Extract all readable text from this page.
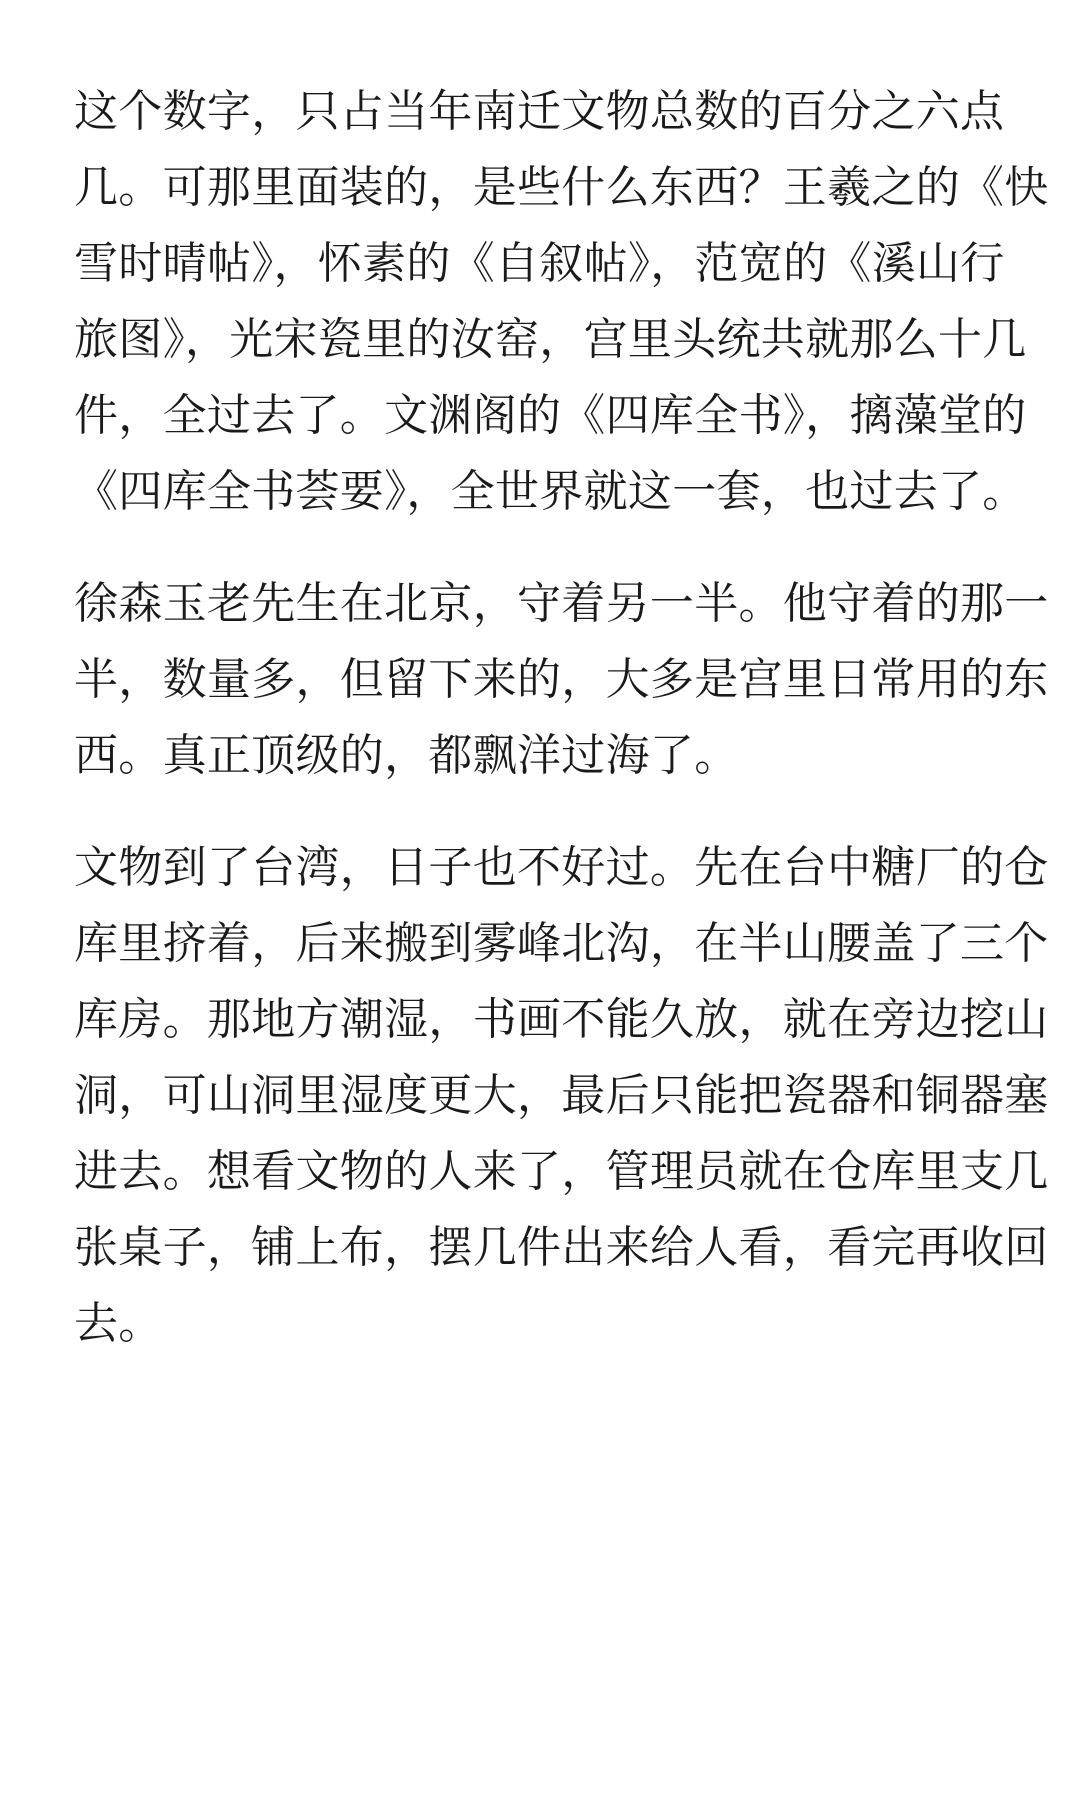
这个数字，只占当年南迁文物总数的百分之六点
几。可那里面装的，是些什么东西？王羲之的《快
雪时晴帖》，怀素的《自叙帖》，范宽的《溪山行
旅图》，光宋瓷里的汝窑，宫里头统共就那么十几
件，全过去了。文渊阁的《四库全书》，摛藻堂的
《四库全书荟要》，全世界就这一套，也过去了。
徐森玉老先生在北京，守着另一半。他守着的那一
半，数量多，但留下来的，大多是宫里日常用的东
西。真正顶级的，都飘洋过海了。
文物到了台湾，日子也不好过。先在台中糖厂的仓
库里挤着，后来搬到雾峰北沟，在半山腰盖了三个
库房。那地方潮湿，书画不能久放，就在旁边挖山
洞，可山洞里湿度更大，最后只能把瓷器和铜器塞
进去。想看文物的人来了，管理员就在仓库里支几
张桌子，铺上布，摆几件出来给人看，看完再收回
去。
